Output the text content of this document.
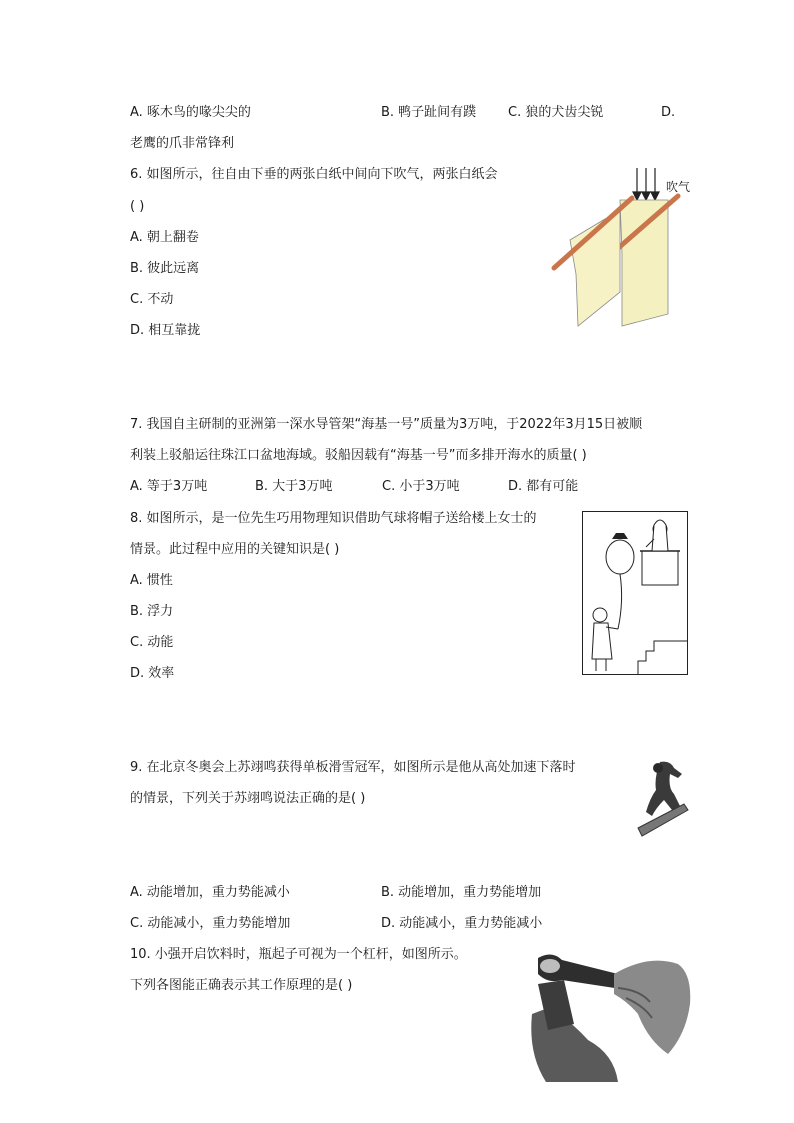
A. 啄木鸟的喙尖尖的	B. 鸭子趾间有蹼 C. 狼的犬齿尖锐	D.
老鹰的爪非常锋利
6. 如图所示，往自由下垂的两张白纸中间向下吹气，两张白纸会
( )
A. 朝上翻卷
B. 彼此远离
C. 不动
D. 相互靠拢
吹气
7. 我国自主研制的亚洲第一深水导管架“海基一号”质量为3万吨，于2022年3月15日被顺
利装上驳船运往珠江口盆地海域。驳船因载有“海基一号”而多排开海水的质量( )
A. 等于3万吨	B. 大于3万吨	C. 小于3万吨	D. 都有可能
8. 如图所示，是一位先生巧用物理知识借助气球将帽子送给楼上女士的
情景。此过程中应用的关键知识是( )
A. 惯性
B. 浮力
C. 动能
D. 效率
9. 在北京冬奥会上苏翊鸣获得单板滑雪冠军，如图所示是他从高处加速下落时
的情景，下列关于苏翊鸣说法正确的是( )
A. 动能增加，重力势能减小	B. 动能增加，重力势能增加
C. 动能减小，重力势能增加	D. 动能减小，重力势能减小
10. 小强开启饮料时，瓶起子可视为一个杠杆，如图所示。
下列各图能正确表示其工作原理的是( )
